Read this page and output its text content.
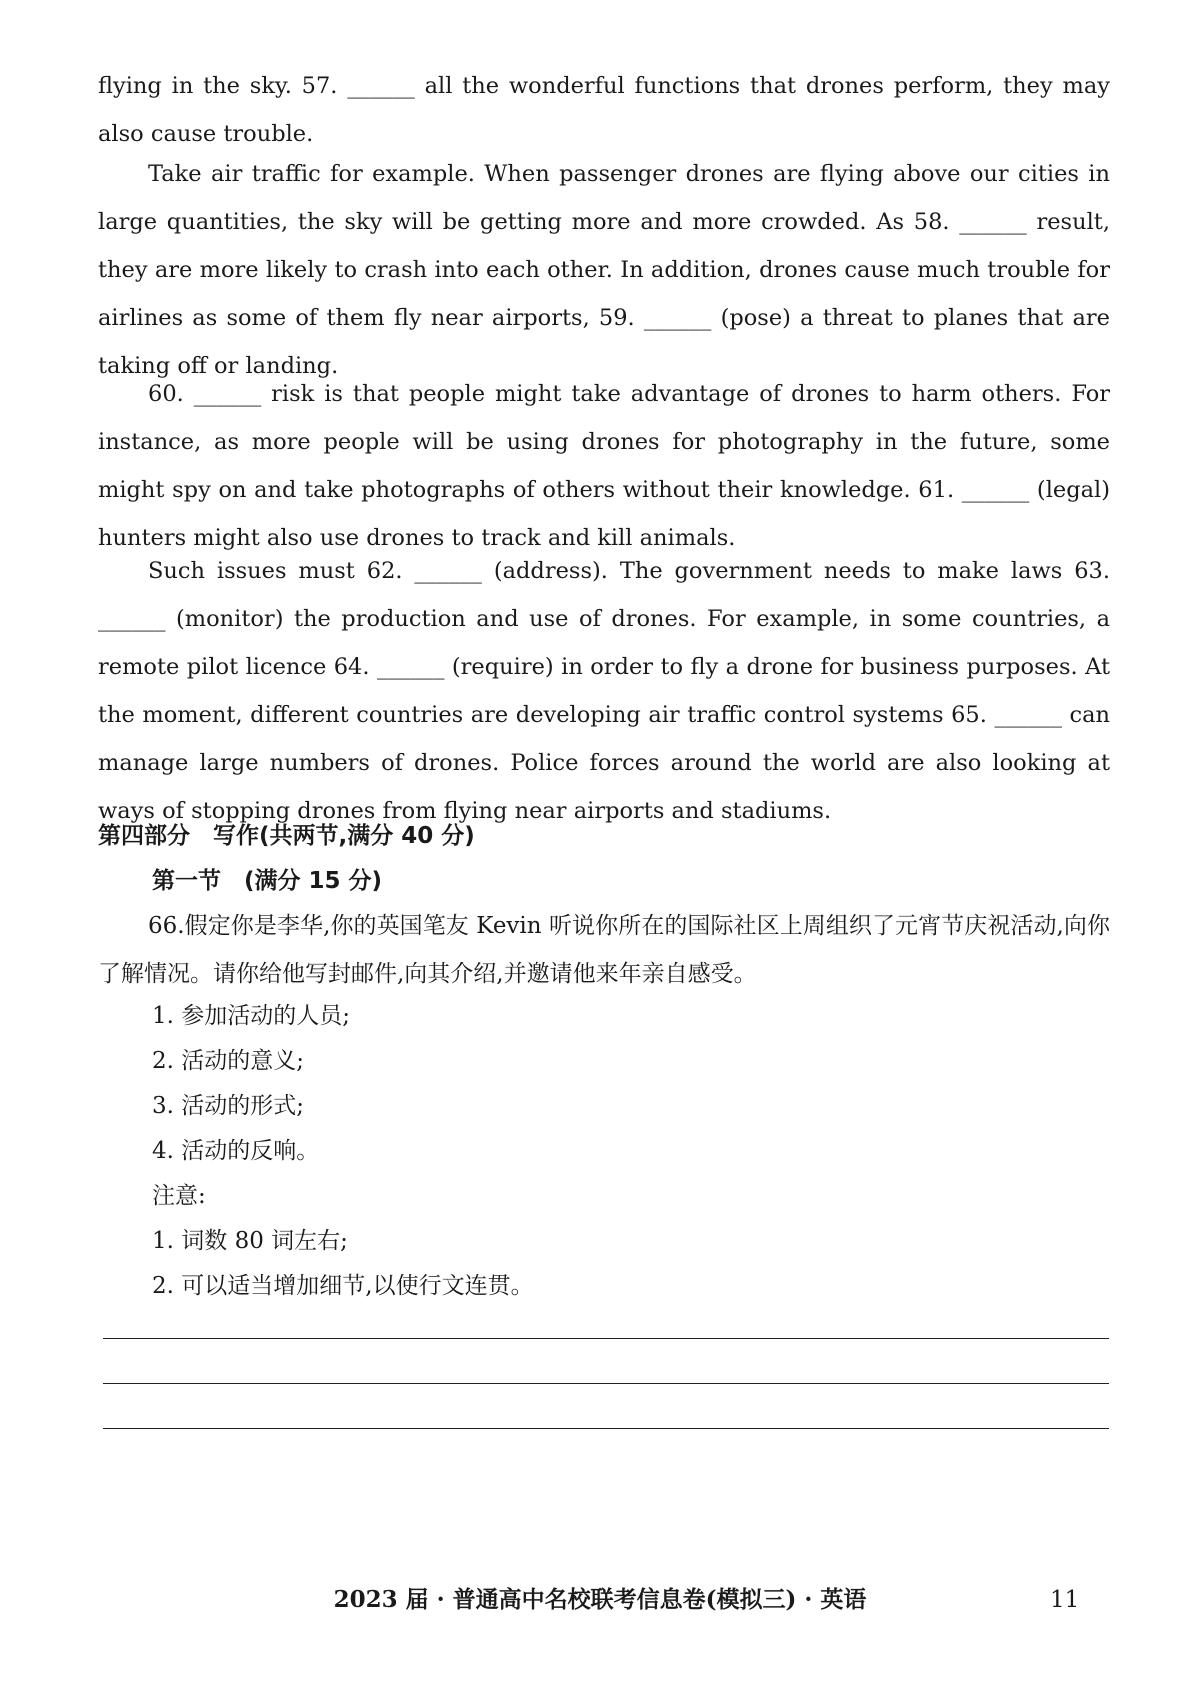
flying in the sky. 57. ______ all the wonderful functions that drones perform, they may also cause trouble.
Take air traffic for example. When passenger drones are flying above our cities in large quantities, the sky will be getting more and more crowded. As 58. ______ result, they are more likely to crash into each other. In addition, drones cause much trouble for airlines as some of them fly near airports, 59. ______ (pose) a threat to planes that are taking off or landing.
60. ______ risk is that people might take advantage of drones to harm others. For instance, as more people will be using drones for photography in the future, some might spy on and take photographs of others without their knowledge. 61. ______ (legal) hunters might also use drones to track and kill animals.
Such issues must 62. ______ (address). The government needs to make laws 63. ______ (monitor) the production and use of drones. For example, in some countries, a remote pilot licence 64. ______ (require) in order to fly a drone for business purposes. At the moment, different countries are developing air traffic control systems 65. ______ can manage large numbers of drones. Police forces around the world are also looking at ways of stopping drones from flying near airports and stadiums.
第四部分　写作(共两节,满分 40 分)
第一节　(满分 15 分)
66.假定你是李华,你的英国笔友 Kevin 听说你所在的国际社区上周组织了元宵节庆祝活动,向你了解情况。请你给他写封邮件,向其介绍,并邀请他来年亲自感受。
1. 参加活动的人员;
2. 活动的意义;
3. 活动的形式;
4. 活动的反响。
注意:
1. 词数 80 词左右;
2. 可以适当增加细节,以使行文连贯。
2023 届 · 普通高中名校联考信息卷(模拟三) · 英语	11
